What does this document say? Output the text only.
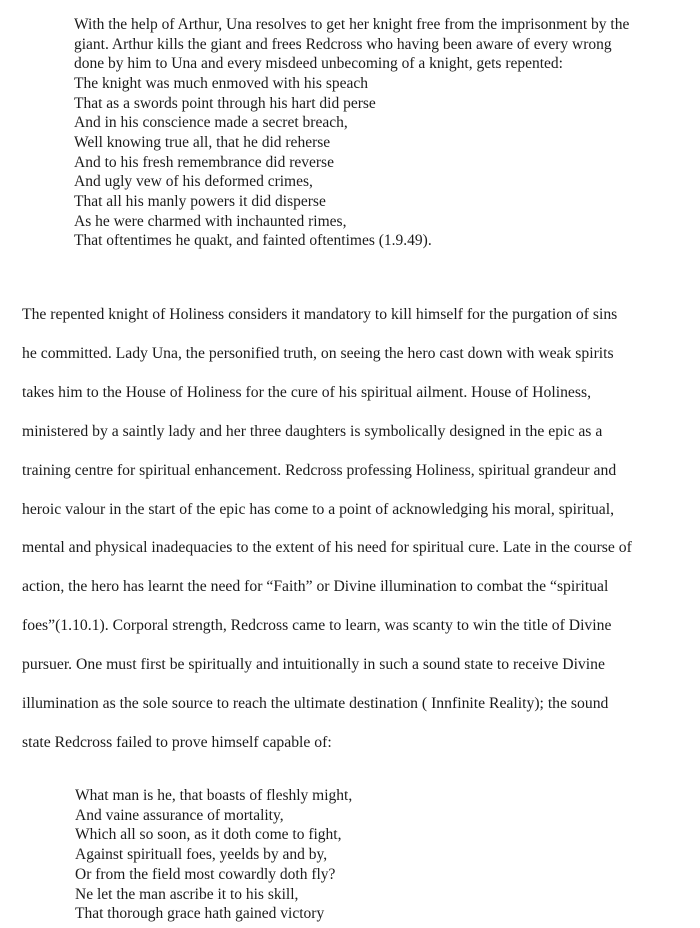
With the help of Arthur, Una resolves to get her knight free from the imprisonment by the
giant. Arthur kills the giant and frees Redcross who having been aware of every wrong
done by him to Una and every misdeed unbecoming of a knight, gets repented:
The knight was much enmoved with his speach
That as a swords point through his hart did perse
And in his conscience made a secret breach,
Well knowing true all, that he did reherse
And to his fresh remembrance did reverse
And ugly vew of his deformed crimes,
That all his manly powers it did disperse
As he were charmed with inchaunted rimes,
That oftentimes he quakt, and fainted oftentimes (1.9.49).
The repented knight of Holiness considers it mandatory to kill himself for the purgation of sins
he committed. Lady Una, the personified truth, on seeing the hero cast down with weak spirits
takes him to the House of Holiness for the cure of his spiritual ailment. House of Holiness,
ministered by a saintly lady and her three daughters is symbolically designed in the epic as a
training centre for spiritual enhancement. Redcross professing Holiness, spiritual grandeur and
heroic valour in the start of the epic has come to a point of acknowledging his moral, spiritual,
mental and physical inadequacies to the extent of his need for spiritual cure. Late in the course of
action, the hero has learnt the need for “Faith” or Divine illumination to combat the “spiritual
foes”(1.10.1). Corporal strength, Redcross came to learn, was scanty to win the title of Divine
pursuer. One must first be spiritually and intuitionally in such a sound state to receive Divine
illumination as the sole source to reach the ultimate destination ( Innfinite Reality); the sound
state Redcross failed to prove himself capable of:
What man is he, that boasts of fleshly might,
And vaine assurance of mortality,
Which all so soon, as it doth come to fight,
Against spirituall foes, yeelds by and by,
Or from the field most cowardly doth fly?
Ne let the man ascribe it to his skill,
That thorough grace hath gained victory
